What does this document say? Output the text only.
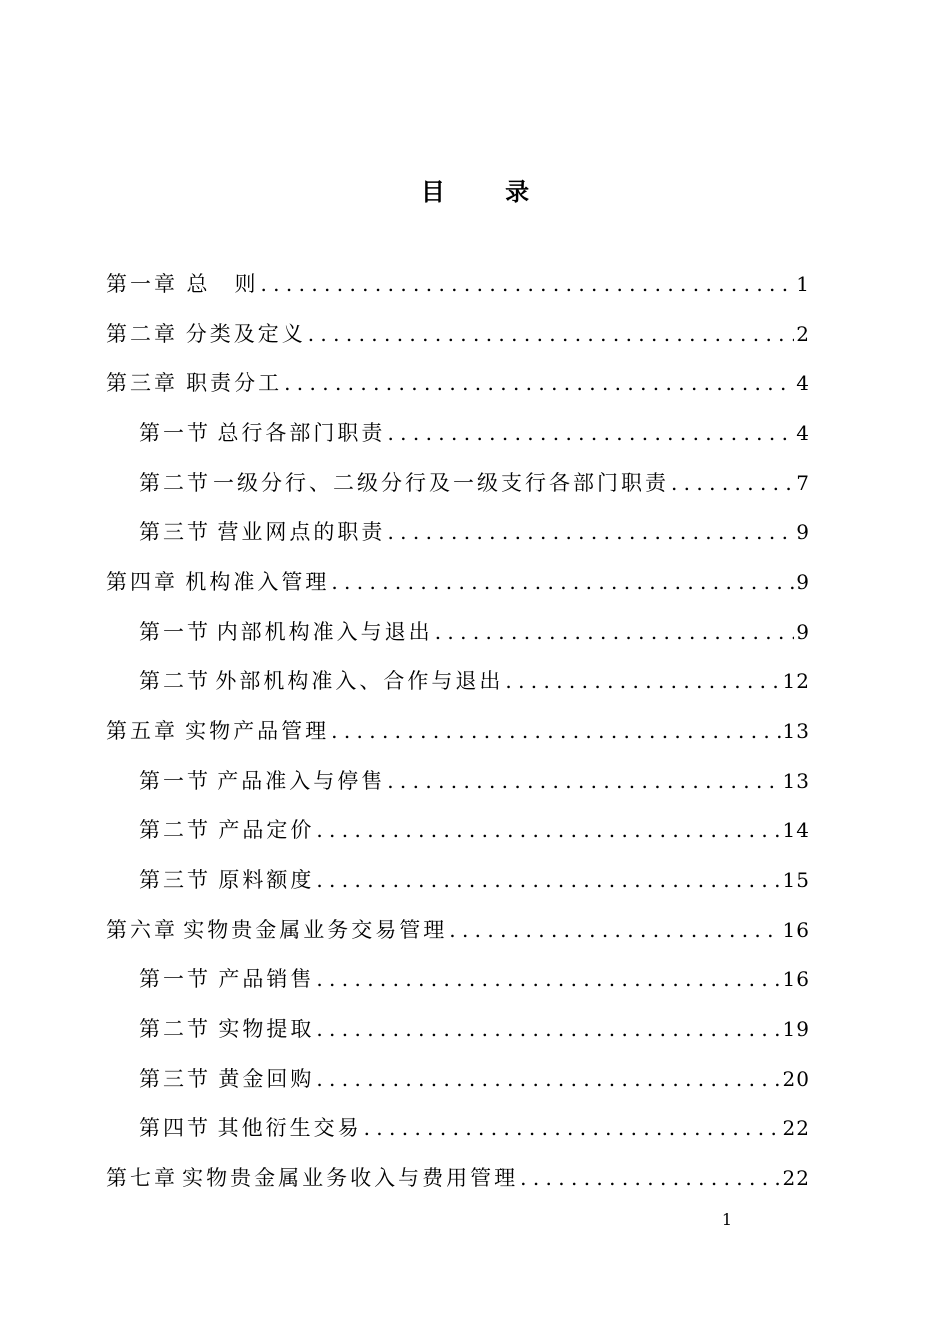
目 录
第一章 总　则 . . .	1
第二章 分类及定义 . . .	2
第三章 职责分工 . . .	4
第一节 总行各部门职责 . . .	4
第二节 一级分行、二级分行及一级支行各部门职责 . . .	7
第三节 营业网点的职责 . . .	9
第四章 机构准入管理 . . .	9
第一节 内部机构准入与退出 . . .	9
第二节 外部机构准入、合作与退出 . . .	12
第五章 实物产品管理 . . .	13
第一节 产品准入与停售 . . .	13
第二节 产品定价 . . .	14
第三节 原料额度 . . .	15
第六章 实物贵金属业务交易管理 . . .	16
第一节 产品销售 . . .	16
第二节 实物提取 . . .	19
第三节 黄金回购 . . .	20
第四节 其他衍生交易 . . .	22
第七章 实物贵金属业务收入与费用管理 . . .	22
1
